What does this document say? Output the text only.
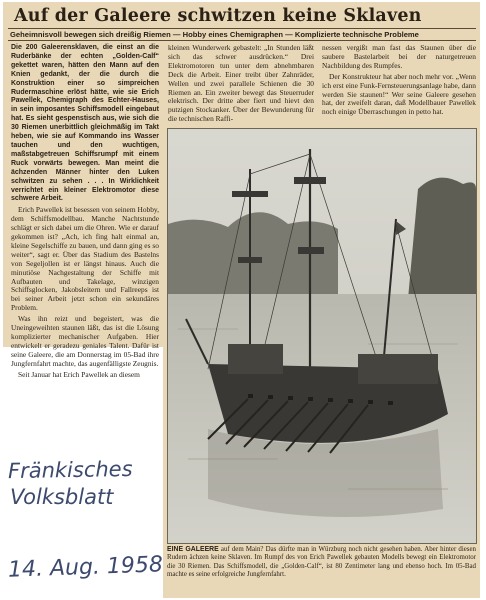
Auf der Galeere schwitzen keine Sklaven
Geheimnisvoll bewegen sich dreißig Riemen — Hobby eines Chemigraphen — Komplizierte technische Probleme

Die 200 Galeerensklaven, die einst an die Ruderbänke der echten „Golden-Calf“ gekettet waren, hätten den Mann auf den Knien gedankt, der die durch die Konstruktion einer so simpreichen Rudermaschine erlöst hätte, wie sie Erich Pawellek, Chemigraph des Echter-Hauses, in sein imposantes Schiffsmodell eingebaut hat. Es sieht gespenstisch aus, wie sich die 30 Riemen unerbittlich gleichmäßig im Takt heben, wie sie auf Kommando ins Wasser tauchen und den wuchtigen, maßstabgetreuen Schiffsrumpf mit einem Ruck vorwärts bewegen. Man meint die ächzenden Männer hinter den Luken schwitzen zu sehen . . . In Wirklichkeit verrichtet ein kleiner Elektromotor diese schwere Arbeit.

Erich Pawellek ist besessen von seinem Hobby, dem Schiffsmodellbau. Manche Nachtstunde schlägt er sich dabei um die Ohren. Wie er darauf gekommen ist? „Ach, ich fing halt einmal an, kleine Segelschiffe zu bauen, und dann ging es so weiter“, sagt er. Über das Stadium des Bastelns von Segeljollen ist er längst hinaus. Auch die minutiöse Nachgestaltung der Schiffe mit Aufbauten und Takelage, winzigen Schiffsglocken, Jakobsleitern und Fallreeps ist bei seiner Arbeit jetzt schon ein sekundäres Problem.

Was ihn reizt und begeistert, was die Uneingeweihten staunen läßt, das ist die Lösung komplizierter mechanischer Aufgaben. Hier entwickelt er geradezu geniales Talent. Dafür ist seine Galeere, die am Donnerstag im 05-Bad ihre Jungfernfahrt machte, das augenfälligste Zeugnis.

Seit Januar hat Erich Pawellek an diesem

kleinen Wunderwerk gebastelt: „In Stunden läßt sich das schwer ausdrücken.“ Drei Elektromotoren tun unter dem abnehmbaren Deck die Arbeit. Einer treibt über Zahnräder, Wellen und zwei parallele Schienen die 30 Riemen an. Ein zweiter bewegt das Steuerruder elektrisch. Der dritte aber fiert und hievt den putzigen Stockanker. Über der Bewunderung für die technischen Raffi-

nessen vergißt man fast das Staunen über die saubere Bastelarbeit bei der naturgetreuen Nachbildung des Rumpfes.

Der Konstrukteur hat aber noch mehr vor. „Wenn ich erst eine Funk-Fernsteuerungsanlage habe, dann werden Sie staunen!“ Wer seine Galeere gesehen hat, der zweifelt daran, daß Modellbauer Pawellek noch einige Überraschungen in petto hat.

EINE GALEERE auf dem Main? Das dürfte man in Würzburg noch nicht gesehen haben. Aber hinter diesen Rudern ächzen keine Sklaven. Im Rumpf des von Erich Pawellek gebauten Modells bewegt ein Elektromotor die 30 Riemen. Das Schiffsmodell, die „Golden-Calf“, ist 80 Zentimeter lang und ebenso hoch. Im 05-Bad machte es seine erfolgreiche Jungfernfahrt.
Fränkisches
Volksblatt
14. Aug. 1958
